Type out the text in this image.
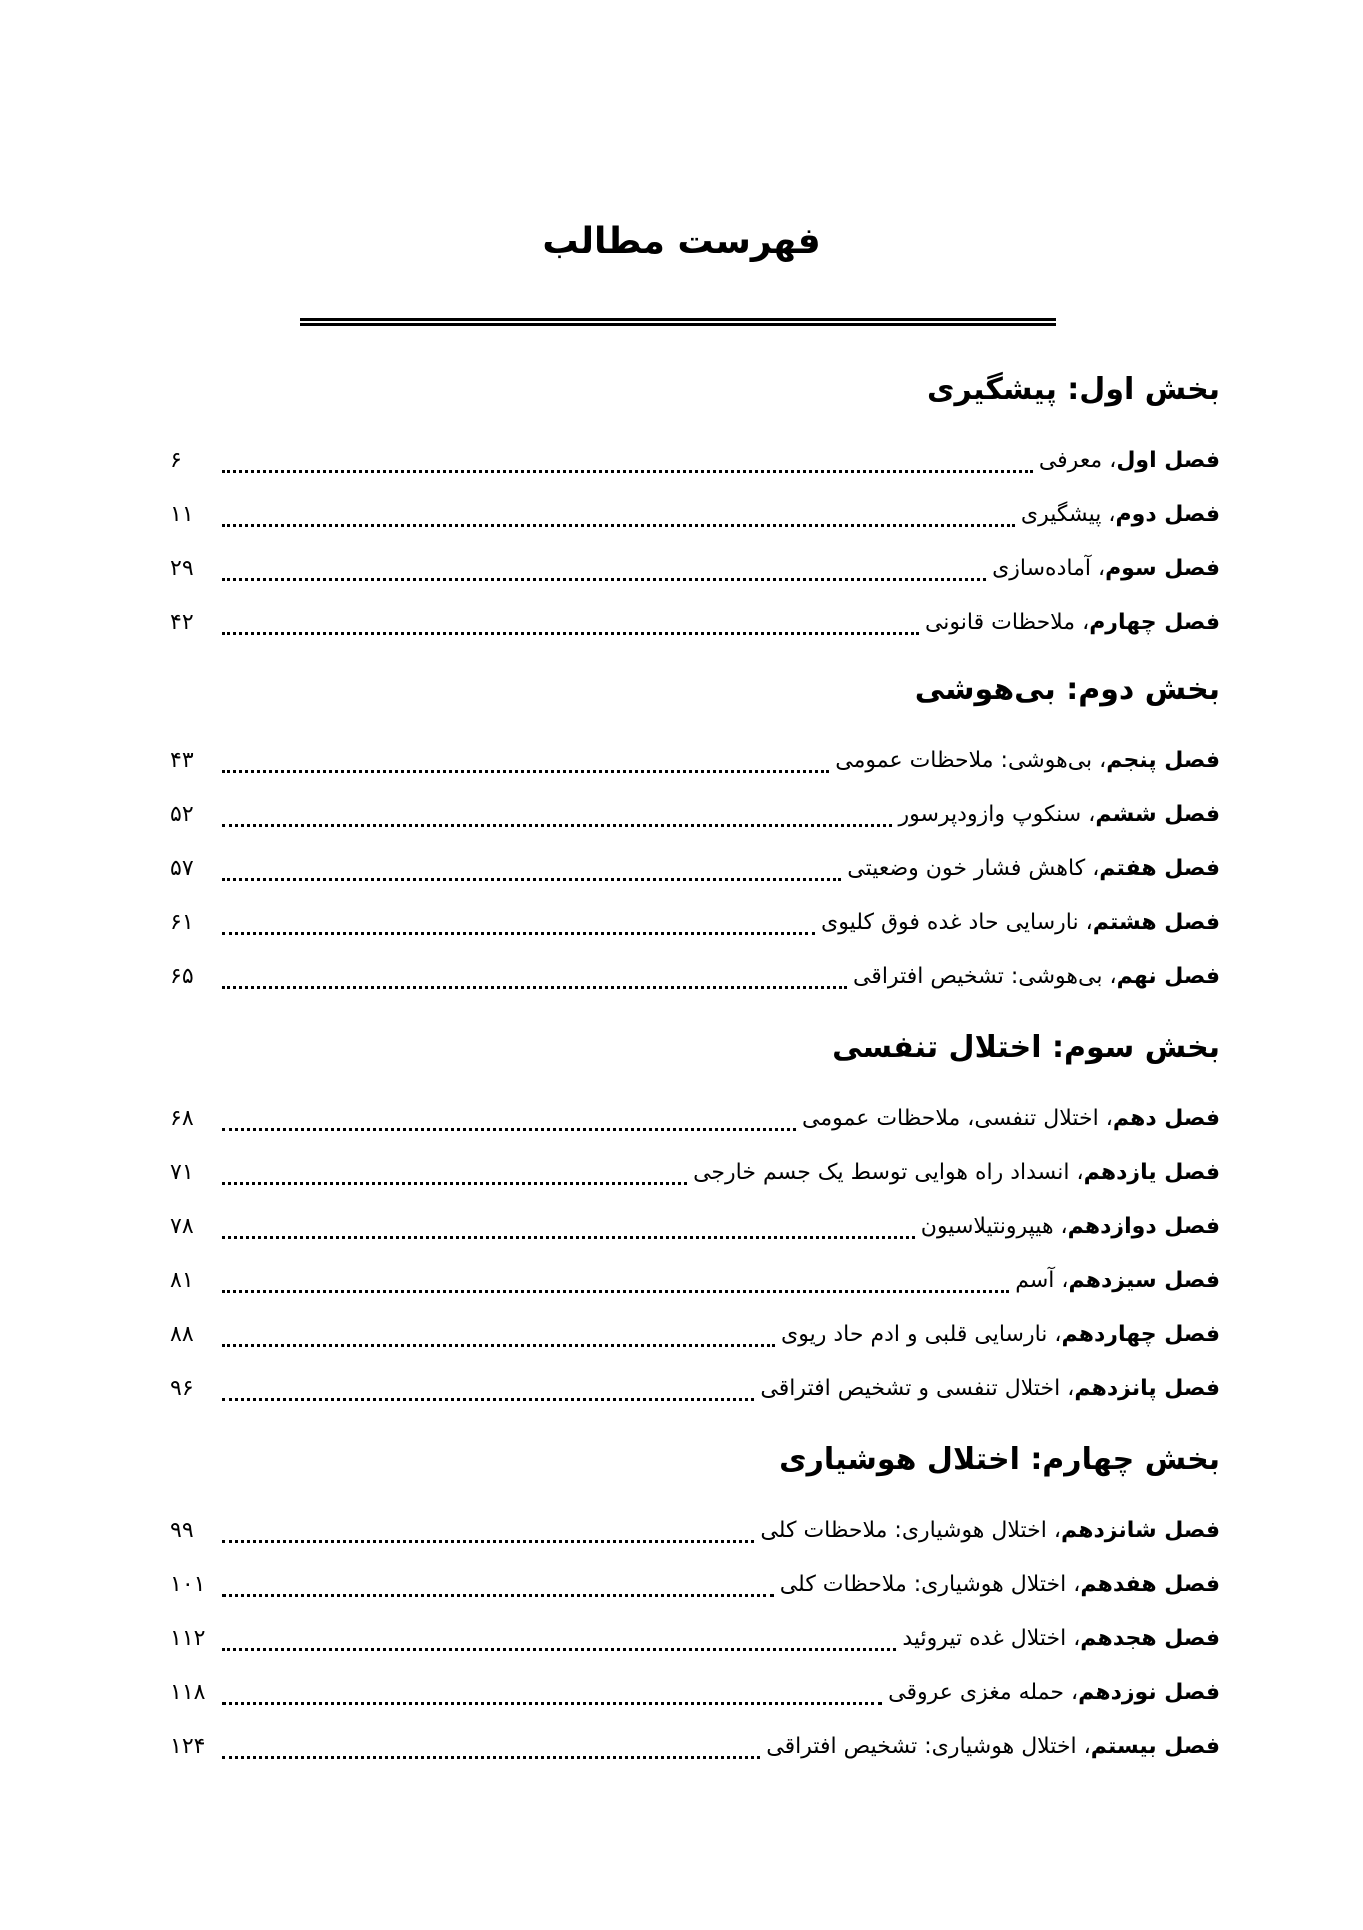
فهرست مطالب
بخش اول: پیشگیری
فصل اول، معرفی
۶
فصل دوم، پیشگیری
۱۱
فصل سوم، آماده‌سازی
۲۹
فصل چهارم، ملاحظات قانونی
۴۲
بخش دوم: بی‌هوشی
فصل پنجم، بی‌هوشی: ملاحظات عمومی
۴۳
فصل ششم، سنکوپ وازودپرسور
۵۲
فصل هفتم، کاهش فشار خون وضعیتی
۵۷
فصل هشتم، نارسایی حاد غده فوق کلیوی
۶۱
فصل نهم، بی‌هوشی: تشخیص افتراقی
۶۵
بخش سوم: اختلال تنفسی
فصل دهم، اختلال تنفسی، ملاحظات عمومی
۶۸
فصل یازدهم، انسداد راه هوایی توسط یک جسم خارجی
۷۱
فصل دوازدهم، هیپرونتیلاسیون
۷۸
فصل سیزدهم، آسم
۸۱
فصل چهاردهم، نارسایی قلبی و ادم حاد ریوی
۸۸
فصل پانزدهم، اختلال تنفسی و تشخیص افتراقی
۹۶
بخش چهارم: اختلال هوشیاری
فصل شانزدهم، اختلال هوشیاری: ملاحظات کلی
۹۹
فصل هفدهم، اختلال هوشیاری: ملاحظات کلی
۱۰۱
فصل هجدهم، اختلال غده تیروئید
۱۱۲
فصل نوزدهم، حمله مغزی عروقی
۱۱۸
فصل بیستم، اختلال هوشیاری: تشخیص افتراقی
۱۲۴
